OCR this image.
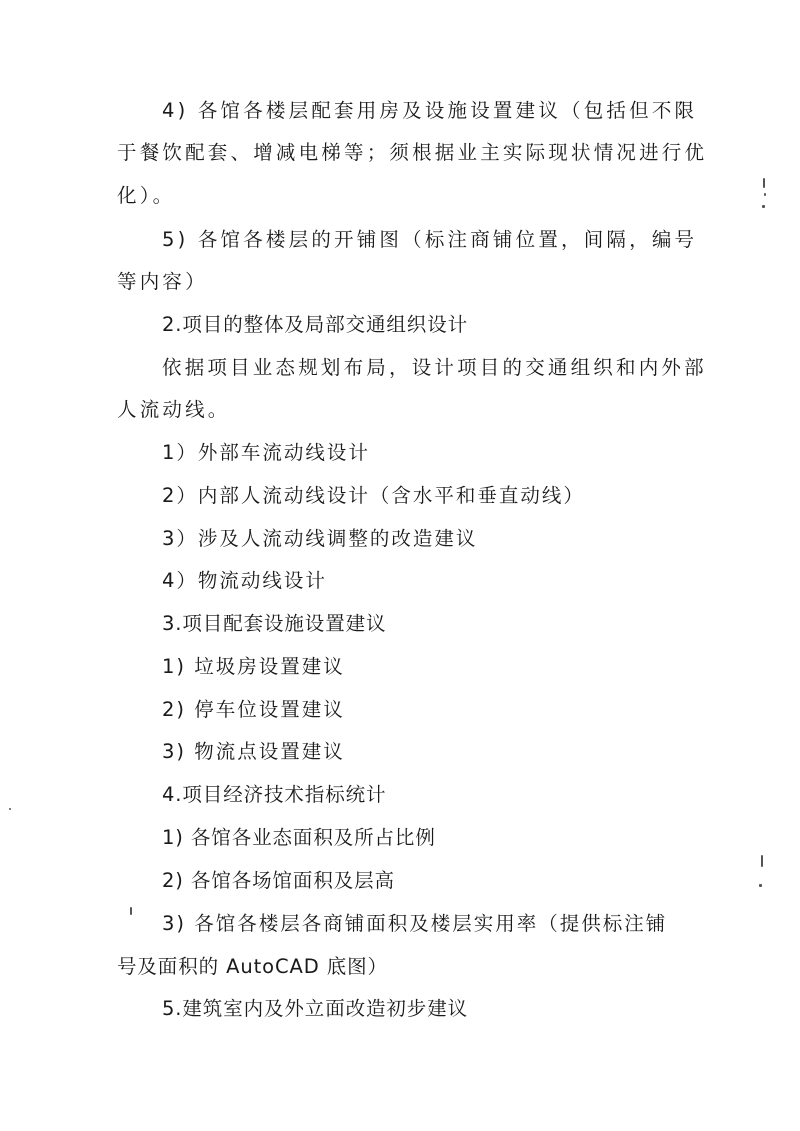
4) 各馆各楼层配套用房及设施设置建议（包括但不限
于餐饮配套、增减电梯等；须根据业主实际现状情况进行优
化）。
5) 各馆各楼层的开铺图（标注商铺位置，间隔，编号
等内容）
2.项目的整体及局部交通组织设计
依据项目业态规划布局，设计项目的交通组织和内外部
人流动线。
1）外部车流动线设计
2）内部人流动线设计（含水平和垂直动线）
3）涉及人流动线调整的改造建议
4）物流动线设计
3.项目配套设施设置建议
1) 垃圾房设置建议
2) 停车位设置建议
3) 物流点设置建议
4.项目经济技术指标统计
1) 各馆各业态面积及所占比例
2) 各馆各场馆面积及层高
3) 各馆各楼层各商铺面积及楼层实用率（提供标注铺
号及面积的 AutoCAD 底图）
5.建筑室内及外立面改造初步建议
